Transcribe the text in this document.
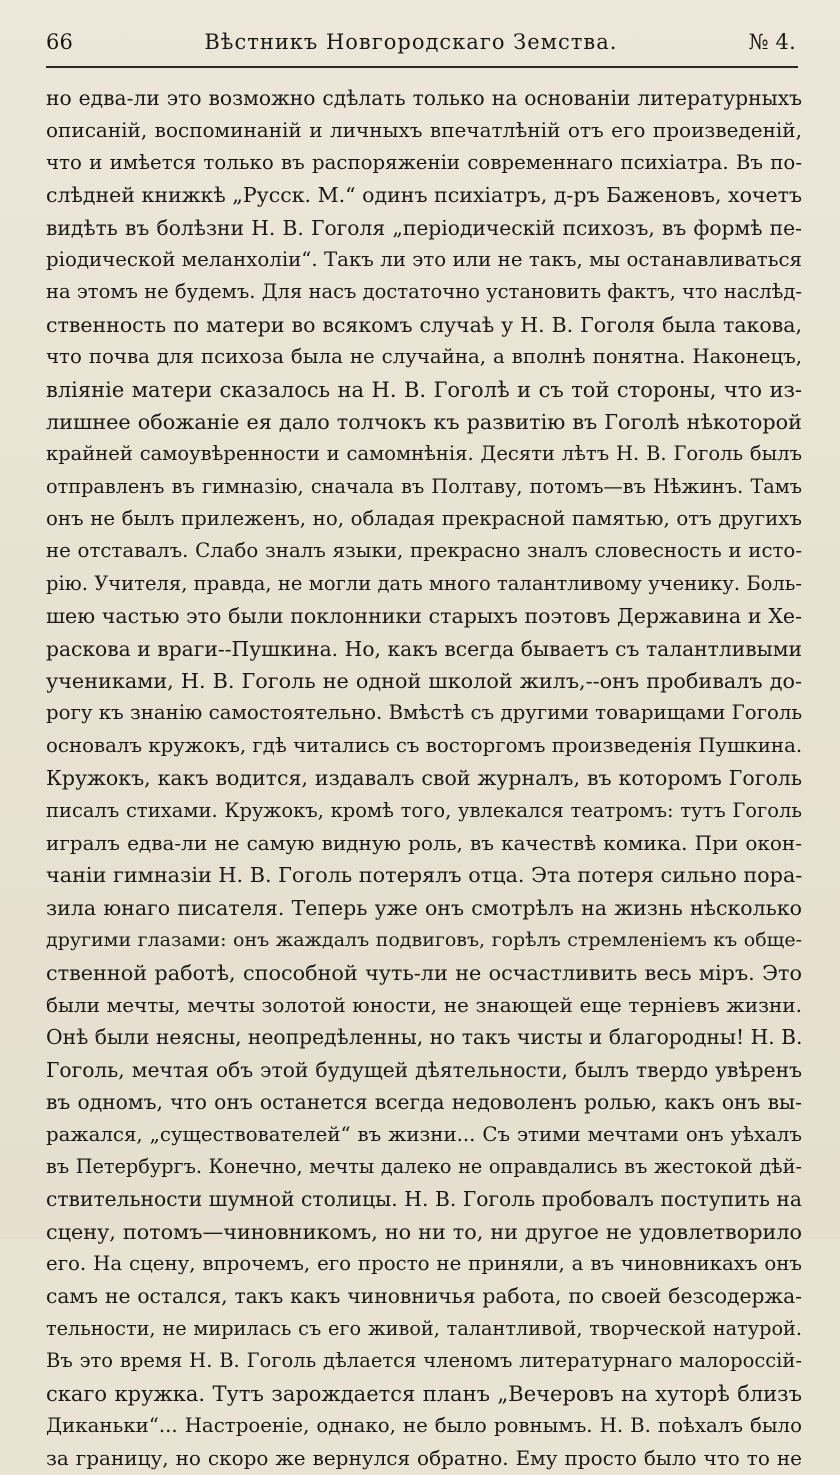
66	Вѣстникъ Новгородскаго Земства.	№ 4.
но едва-ли это возможно сдѣлать только на основаніи литературныхъ
описаній, воспоминаній и личныхъ впечатлѣній отъ его произведеній,
что и имѣется только въ распоряженіи современнаго психіатра. Въ по-
слѣдней книжкѣ „Русск. М.“ одинъ психіатръ, д-ръ Баженовъ, хочетъ
видѣть въ болѣзни Н. В. Гоголя „періодическій психозъ, въ формѣ пе-
ріодической меланхоліи“. Такъ ли это или не такъ, мы останавливаться
на этомъ не будемъ. Для насъ достаточно установить фактъ, что наслѣд-
ственность по матери во всякомъ случаѣ у Н. В. Гоголя была такова,
что почва для психоза была не случайна, а вполнѣ понятна. Наконецъ,
вліяніе матери сказалось на Н. В. Гоголѣ и съ той стороны, что из-
лишнее обожаніе ея дало толчокъ къ развитію въ Гоголѣ нѣкоторой
крайней самоувѣренности и самомнѣнія. Десяти лѣтъ Н. В. Гоголь былъ
отправленъ въ гимназію, сначала въ Полтаву, потомъ—въ Нѣжинъ. Тамъ
онъ не былъ прилеженъ, но, обладая прекрасной памятью, отъ другихъ
не отставалъ. Слабо зналъ языки, прекрасно зналъ словесность и исто-
рію. Учителя, правда, не могли дать много талантливому ученику. Боль-
шею частью это были поклонники старыхъ поэтовъ Державина и Хе-
раскова и враги--Пушкина. Но, какъ всегда бываетъ съ талантливыми
учениками, Н. В. Гоголь не одной школой жилъ,--онъ пробивалъ до-
рогу къ знанію самостоятельно. Вмѣстѣ съ другими товарищами Гоголь
основалъ кружокъ, гдѣ читались съ восторгомъ произведенія Пушкина.
Кружокъ, какъ водится, издавалъ свой журналъ, въ которомъ Гоголь
писалъ стихами. Кружокъ, кромѣ того, увлекался театромъ: тутъ Гоголь
игралъ едва-ли не самую видную роль, въ качествѣ комика. При окон-
чаніи гимназіи Н. В. Гоголь потерялъ отца. Эта потеря сильно пора-
зила юнаго писателя. Теперь уже онъ смотрѣлъ на жизнь нѣсколько
другими глазами: онъ жаждалъ подвиговъ, горѣлъ стремленіемъ къ обще-
ственной работѣ, способной чуть-ли не осчастливить весь міръ. Это
были мечты, мечты золотой юности, не знающей еще терніевъ жизни.
Онѣ были неясны, неопредѣленны, но такъ чисты и благородны! Н. В.
Гоголь, мечтая объ этой будущей дѣятельности, былъ твердо увѣренъ
въ одномъ, что онъ останется всегда недоволенъ ролью, какъ онъ вы-
ражался, „существователей“ въ жизни... Съ этими мечтами онъ уѣхалъ
въ Петербургъ. Конечно, мечты далеко не оправдались въ жестокой дѣй-
ствительности шумной столицы. Н. В. Гоголь пробовалъ поступить на
сцену, потомъ—чиновникомъ, но ни то, ни другое не удовлетворило
его. На сцену, впрочемъ, его просто не приняли, а въ чиновникахъ онъ
самъ не остался, такъ какъ чиновничья работа, по своей безсодержа-
тельности, не мирилась съ его живой, талантливой, творческой натурой.
Въ это время Н. В. Гоголь дѣлается членомъ литературнаго малороссій-
скаго кружка. Тутъ зарождается планъ „Вечеровъ на хуторѣ близъ
Диканьки“... Настроеніе, однако, не было ровнымъ. Н. В. поѣхалъ было
за границу, но скоро же вернулся обратно. Ему просто было что то не
